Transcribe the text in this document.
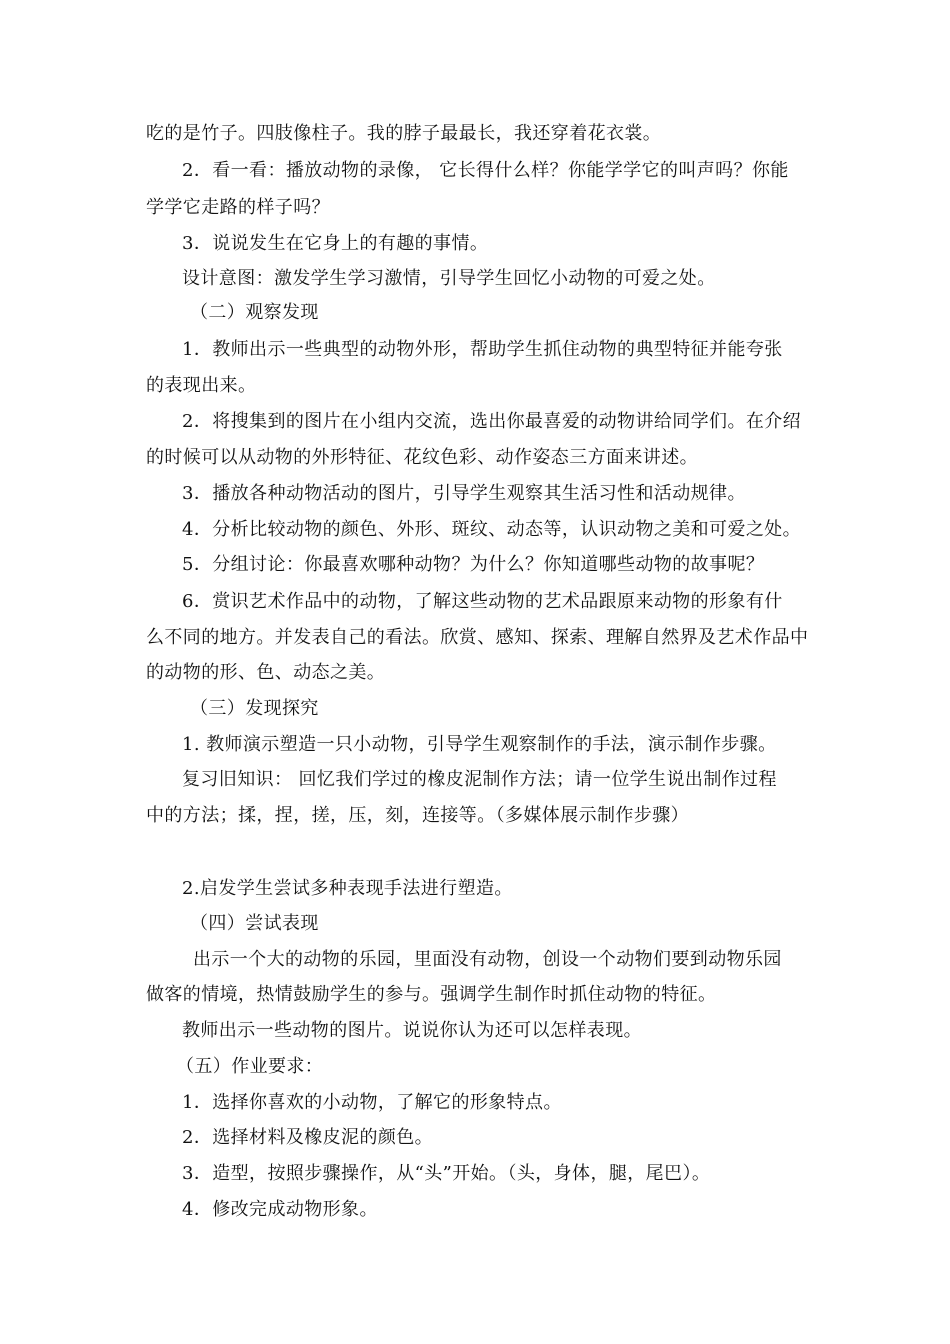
吃的是竹子。四肢像柱子。我的脖子最最长，我还穿着花衣裳。
2．看一看：播放动物的录像， 它长得什么样？你能学学它的叫声吗？你能
学学它走路的样子吗？
3．说说发生在它身上的有趣的事情。
设计意图：激发学生学习激情，引导学生回忆小动物的可爱之处。
（二）观察发现
1．教师出示一些典型的动物外形，帮助学生抓住动物的典型特征并能夸张
的表现出来。
2．将搜集到的图片在小组内交流，选出你最喜爱的动物讲给同学们。在介绍
的时候可以从动物的外形特征、花纹色彩、动作姿态三方面来讲述。
3．播放各种动物活动的图片，引导学生观察其生活习性和活动规律。
4．分析比较动物的颜色、外形、斑纹、动态等，认识动物之美和可爱之处。
5．分组讨论：你最喜欢哪种动物？为什么？你知道哪些动物的故事呢？
6．赏识艺术作品中的动物，了解这些动物的艺术品跟原来动物的形象有什
么不同的地方。并发表自己的看法。欣赏、感知、探索、理解自然界及艺术作品中
的动物的形、色、动态之美。
（三）发现探究
1. 教师演示塑造一只小动物，引导学生观察制作的手法，演示制作步骤。
复习旧知识： 回忆我们学过的橡皮泥制作方法；请一位学生说出制作过程
中的方法；揉，捏，搓，压，刻，连接等。（多媒体展示制作步骤）
2.启发学生尝试多种表现手法进行塑造。
（四）尝试表现
出示一个大的动物的乐园，里面没有动物，创设一个动物们要到动物乐园
做客的情境，热情鼓励学生的参与。强调学生制作时抓住动物的特征。
教师出示一些动物的图片。说说你认为还可以怎样表现。
（五）作业要求：
1．选择你喜欢的小动物，了解它的形象特点。
2．选择材料及橡皮泥的颜色。
3．造型，按照步骤操作，从“头”开始。（头，身体，腿，尾巴）。
4．修改完成动物形象。
